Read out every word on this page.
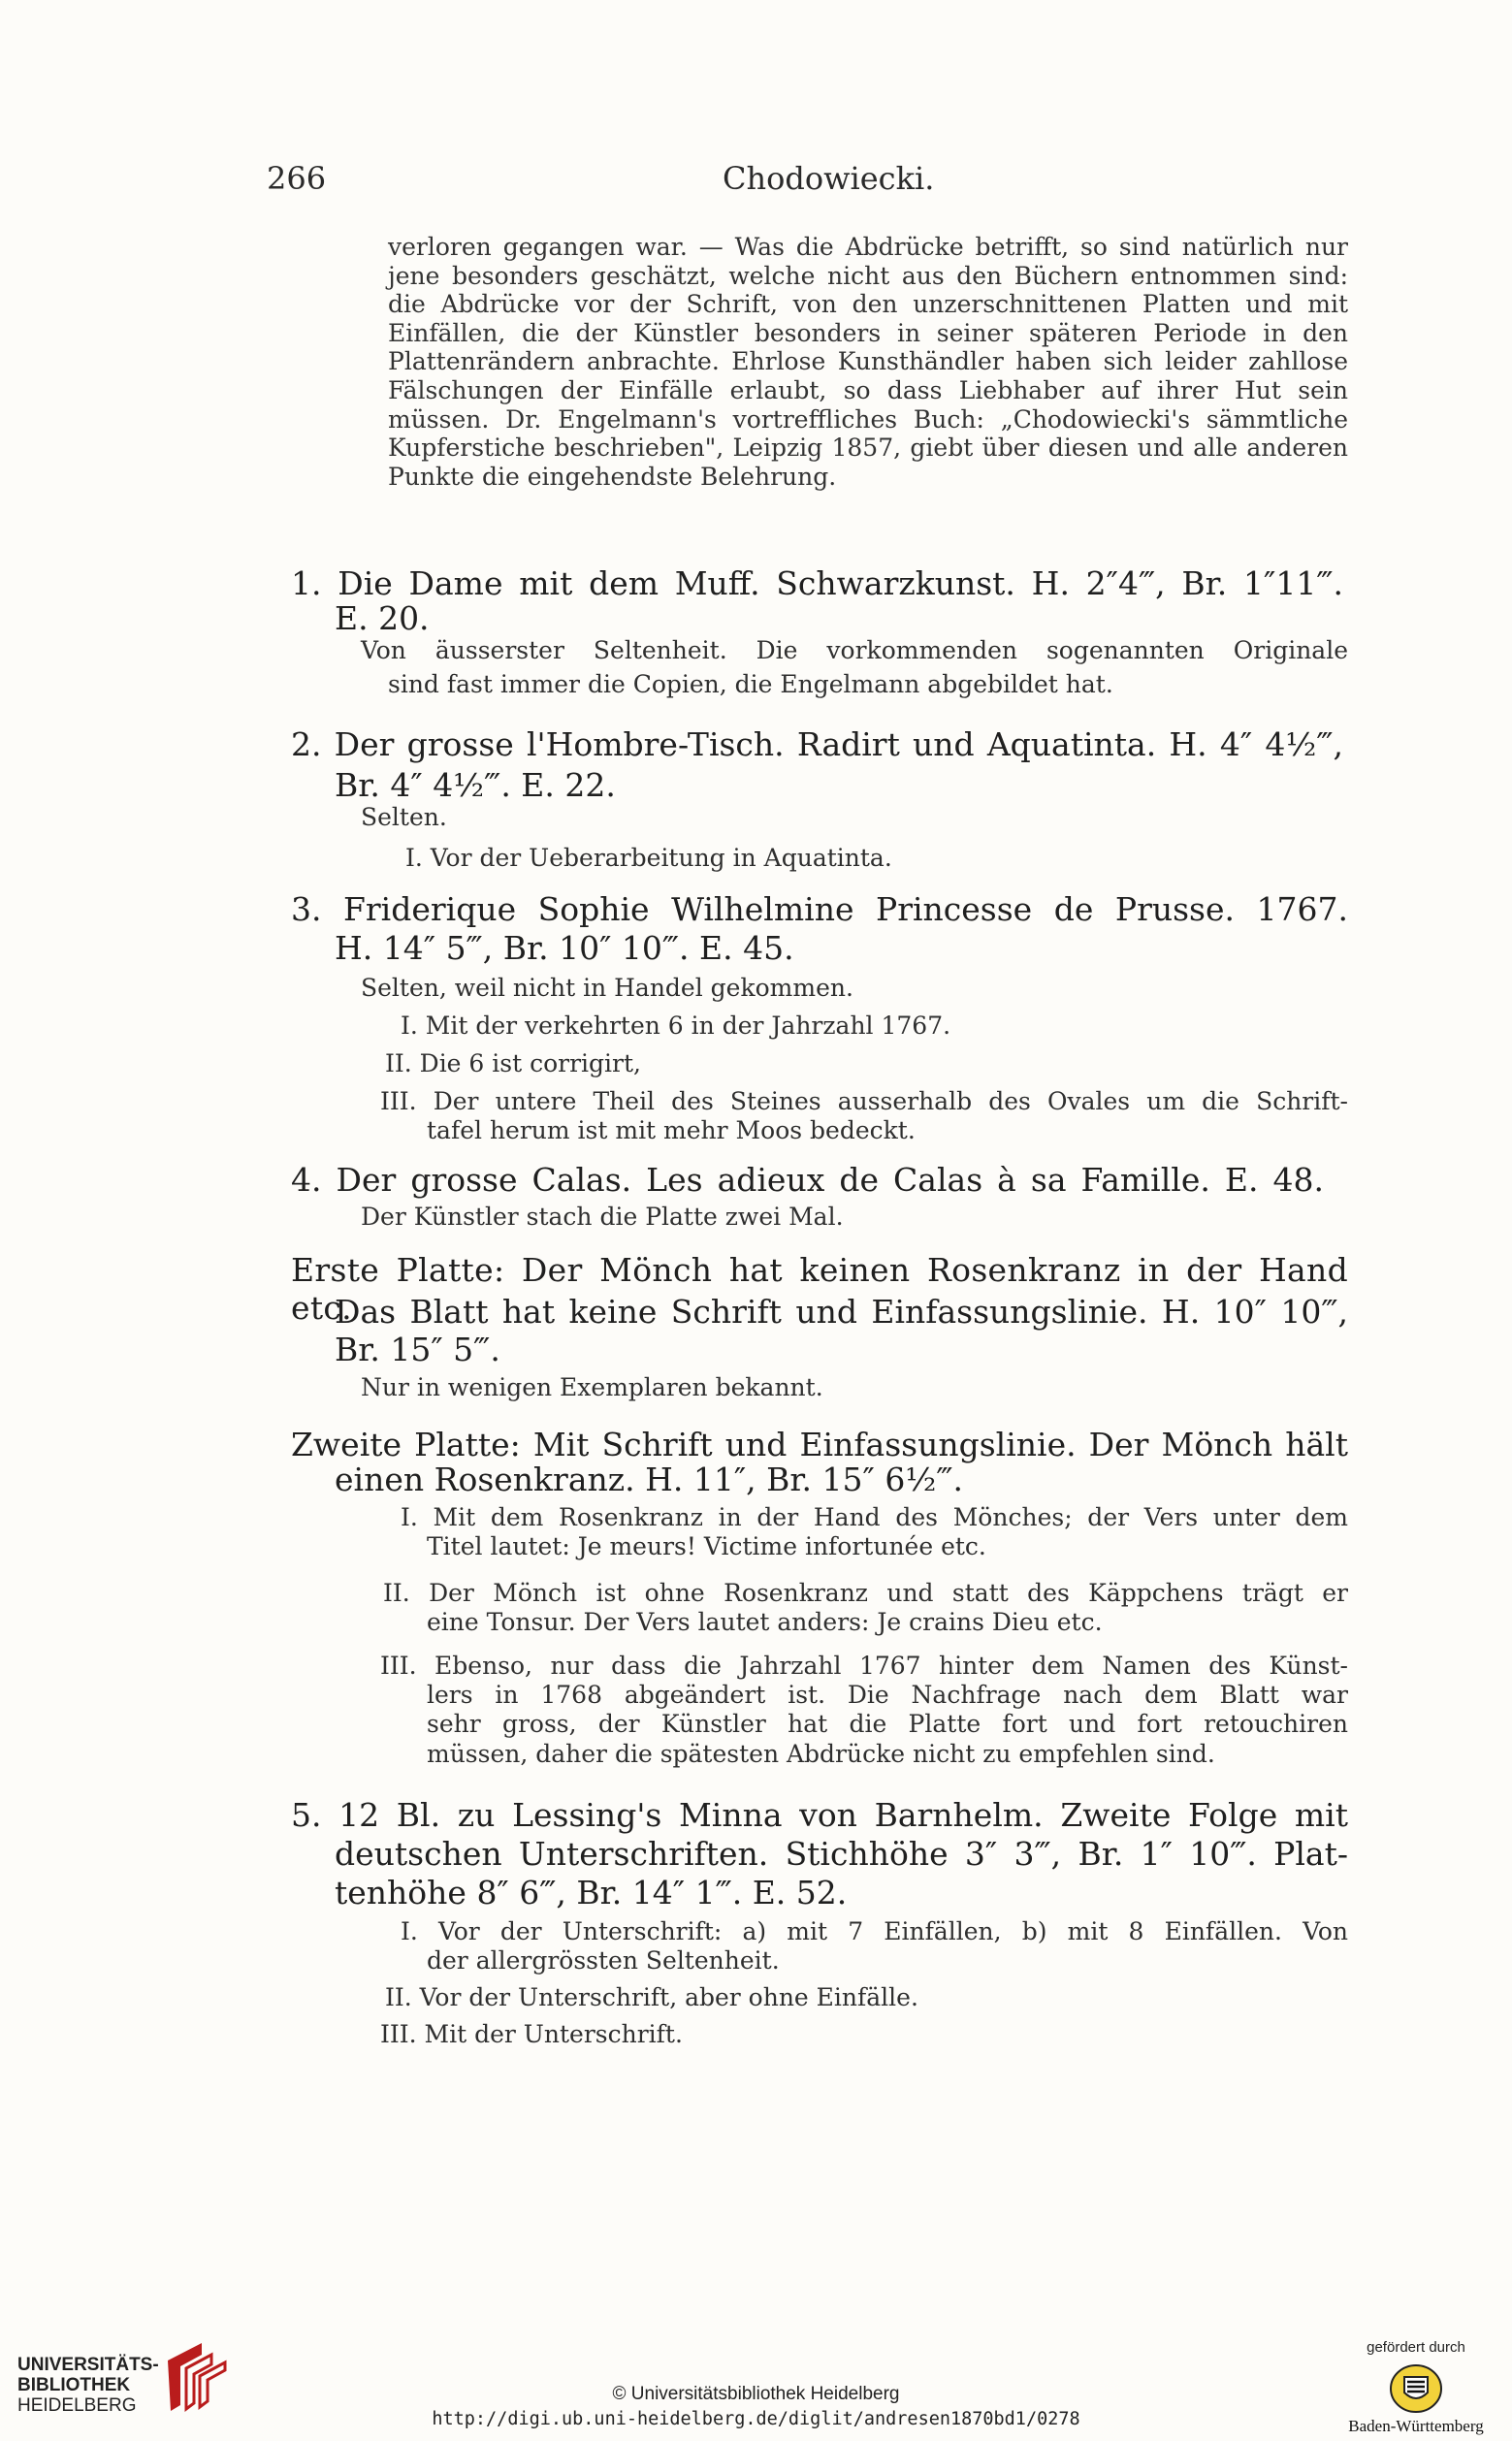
266	Chodowiecki.
verloren gegangen war. — Was die Abdrücke betrifft, so sind natürlich nur jene besonders geschätzt, welche nicht aus den Büchern entnommen sind: die Abdrücke vor der Schrift, von den unzerschnittenen Platten und mit Einfällen, die der Künstler besonders in seiner späteren Periode in den Plattenrändern anbrachte. Ehrlose Kunsthändler haben sich leider zahllose Fälschungen der Einfälle erlaubt, so dass Liebhaber auf ihrer Hut sein müssen. Dr. Engelmann's vortreffliches Buch: „Chodowiecki's sämmtliche Kupferstiche beschrieben", Leipzig 1857, giebt über diesen und alle anderen Punkte die eingehendste Belehrung.
1. Die Dame mit dem Muff. Schwarzkunst. H. 2″4‴, Br. 1″11‴.
E. 20.
Von äusserster Seltenheit. Die vorkommenden sogenannten Originale
sind fast immer die Copien, die Engelmann abgebildet hat.
2. Der grosse l'Hombre-Tisch. Radirt und Aquatinta. H. 4″ 4½‴,
Br. 4″ 4½‴. E. 22.
Selten.
I. Vor der Ueberarbeitung in Aquatinta.
3. Friderique Sophie Wilhelmine Princesse de Prusse. 1767.
H. 14″ 5‴, Br. 10″ 10‴. E. 45.
Selten, weil nicht in Handel gekommen.
I. Mit der verkehrten 6 in der Jahrzahl 1767.
II. Die 6 ist corrigirt,
III. Der untere Theil des Steines ausserhalb des Ovales um die Schrift-
tafel herum ist mit mehr Moos bedeckt.
4. Der grosse Calas. Les adieux de Calas à sa Famille. E. 48.
Der Künstler stach die Platte zwei Mal.
Erste Platte: Der Mönch hat keinen Rosenkranz in der Hand etc.
Das Blatt hat keine Schrift und Einfassungslinie. H. 10″ 10‴,
Br. 15″ 5‴.
Nur in wenigen Exemplaren bekannt.
Zweite Platte: Mit Schrift und Einfassungslinie. Der Mönch hält
einen Rosenkranz. H. 11″, Br. 15″ 6½‴.
I. Mit dem Rosenkranz in der Hand des Mönches; der Vers unter dem
Titel lautet: Je meurs! Victime infortunée etc.
II. Der Mönch ist ohne Rosenkranz und statt des Käppchens trägt er
eine Tonsur. Der Vers lautet anders: Je crains Dieu etc.
III. Ebenso, nur dass die Jahrzahl 1767 hinter dem Namen des Künst-
lers in 1768 abgeändert ist. Die Nachfrage nach dem Blatt war
sehr gross, der Künstler hat die Platte fort und fort retouchiren
müssen, daher die spätesten Abdrücke nicht zu empfehlen sind.
5. 12 Bl. zu Lessing's Minna von Barnhelm. Zweite Folge mit
deutschen Unterschriften. Stichhöhe 3″ 3‴, Br. 1″ 10‴. Plat-
tenhöhe 8″ 6‴, Br. 14″ 1‴. E. 52.
I. Vor der Unterschrift: a) mit 7 Einfällen, b) mit 8 Einfällen. Von
der allergrössten Seltenheit.
II. Vor der Unterschrift, aber ohne Einfälle.
III. Mit der Unterschrift.
UNIVERSITÄTS-
BIBLIOTHEK
HEIDELBERG
© Universitätsbibliothek Heidelberg
http://digi.ub.uni-heidelberg.de/diglit/andresen1870bd1/0278
gefördert durch
Baden-Württemberg
